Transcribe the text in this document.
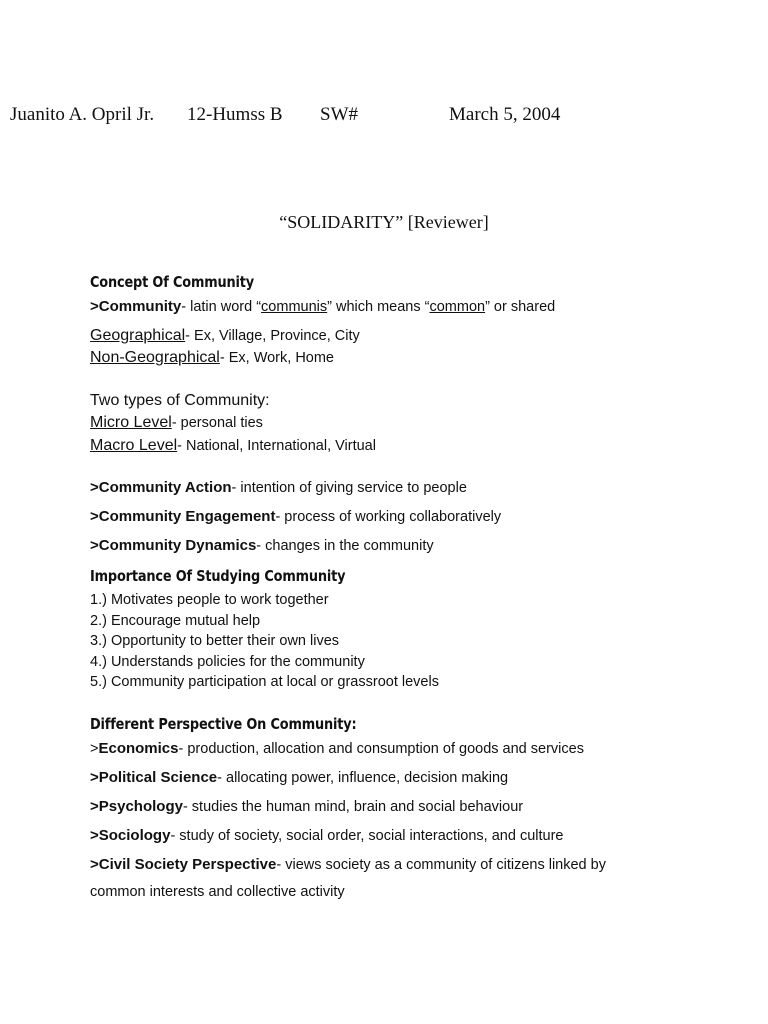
Juanito A. Opril Jr. 12-Humss B SW#	March 5, 2004
“SOLIDARITY” [Reviewer]
Concept Of Community
>Community- latin word “communis” which means “common” or shared
Geographical- Ex, Village, Province, City
Non-Geographical- Ex, Work, Home
Two types of Community:
Micro Level- personal ties
Macro Level- National, International, Virtual
>Community Action- intention of giving service to people
>Community Engagement- process of working collaboratively
>Community Dynamics- changes in the community
Importance Of Studying Community
1.) Motivates people to work together
2.) Encourage mutual help
3.) Opportunity to better their own lives
4.) Understands policies for the community
5.) Community participation at local or grassroot levels
Different Perspective On Community:
>Economics- production, allocation and consumption of goods and services
>Political Science- allocating power, influence, decision making
>Psychology- studies the human mind, brain and social behaviour
>Sociology- study of society, social order, social interactions, and culture
>Civil Society Perspective- views society as a community of citizens linked by
common interests and collective activity
